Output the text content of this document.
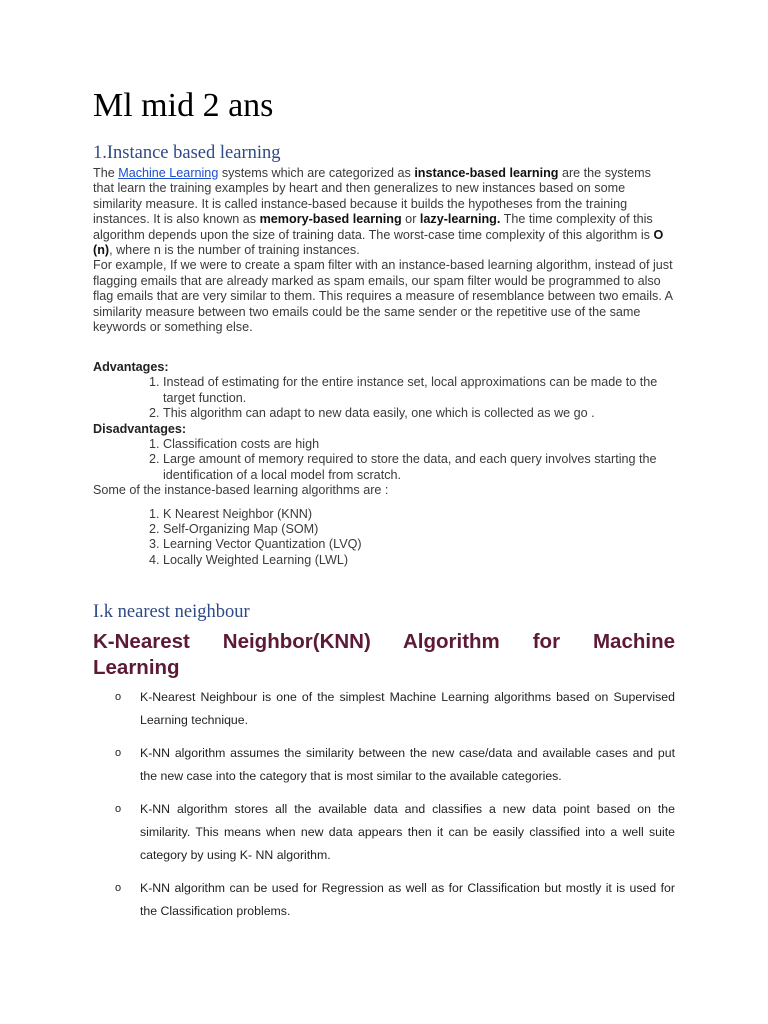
Ml mid 2 ans
1.Instance based learning

The Machine Learning systems which are categorized as instance-based learning are the systems that learn the training examples by heart and then generalizes to new instances based on some similarity measure. It is called instance-based because it builds the hypotheses from the training instances. It is also known as memory-based learning or lazy-learning. The time complexity of this algorithm depends upon the size of training data. The worst-case time complexity of this algorithm is O (n), where n is the number of training instances.

For example, If we were to create a spam filter with an instance-based learning algorithm, instead of just flagging emails that are already marked as spam emails, our spam filter would be programmed to also flag emails that are very similar to them. This requires a measure of resemblance between two emails. A similarity measure between two emails could be the same sender or the repetitive use of the same keywords or something else.

Advantages:
1. Instead of estimating for the entire instance set, local approximations can be made to the target function.
2. This algorithm can adapt to new data easily, one which is collected as we go .
Disadvantages:
1. Classification costs are high
2. Large amount of memory required to store the data, and each query involves starting the identification of a local model from scratch.
Some of the instance-based learning algorithms are :
1. K Nearest Neighbor (KNN)
2. Self-Organizing Map (SOM)
3. Learning Vector Quantization (LVQ)
4. Locally Weighted Learning (LWL)
I.k nearest neighbour
K-Nearest Neighbor(KNN) Algorithm for Machine
Learning
o K-Nearest Neighbour is one of the simplest Machine Learning algorithms based on Supervised Learning technique.
o K-NN algorithm assumes the similarity between the new case/data and available cases and put the new case into the category that is most similar to the available categories.
o K-NN algorithm stores all the available data and classifies a new data point based on the similarity. This means when new data appears then it can be easily classified into a well suite category by using K- NN algorithm.
o K-NN algorithm can be used for Regression as well as for Classification but mostly it is used for the Classification problems.
